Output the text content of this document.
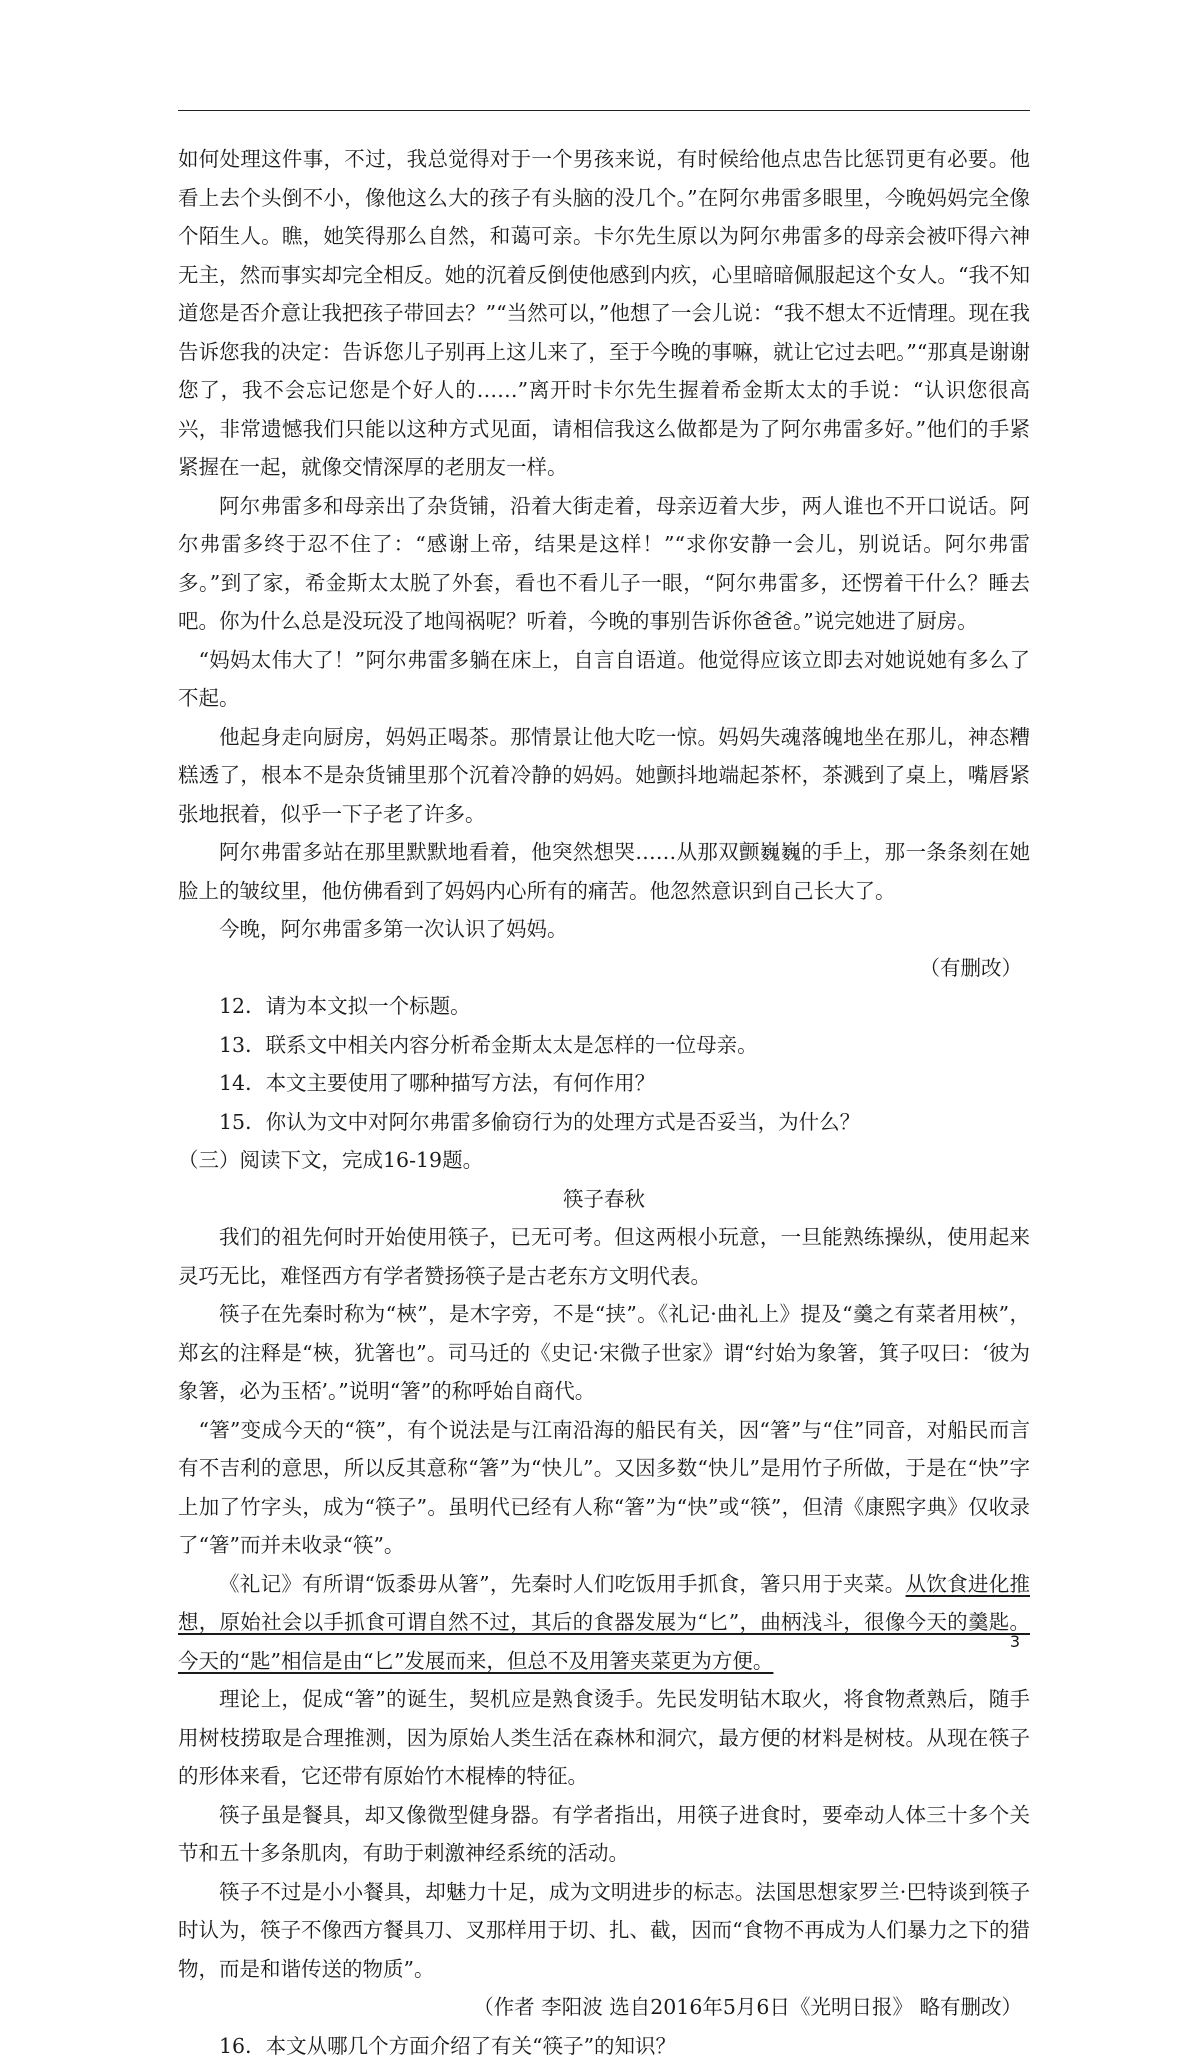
如何处理这件事，不过，我总觉得对于一个男孩来说，有时候给他点忠告比惩罚更有必要。他看上去个头倒不小，像他这么大的孩子有头脑的没几个。”在阿尔弗雷多眼里，今晚妈妈完全像个陌生人。瞧，她笑得那么自然，和蔼可亲。卡尔先生原以为阿尔弗雷多的母亲会被吓得六神无主，然而事实却完全相反。她的沉着反倒使他感到内疚，心里暗暗佩服起这个女人。“我不知道您是否介意让我把孩子带回去？”“当然可以，”他想了一会儿说：“我不想太不近情理。现在我告诉您我的决定：告诉您儿子别再上这儿来了，至于今晚的事嘛，就让它过去吧。”“那真是谢谢您了，我不会忘记您是个好人的……”离开时卡尔先生握着希金斯太太的手说：“认识您很高兴，非常遗憾我们只能以这种方式见面，请相信我这么做都是为了阿尔弗雷多好。”他们的手紧紧握在一起，就像交情深厚的老朋友一样。

阿尔弗雷多和母亲出了杂货铺，沿着大街走着，母亲迈着大步，两人谁也不开口说话。阿尔弗雷多终于忍不住了：“感谢上帝，结果是这样！”“求你安静一会儿，别说话。阿尔弗雷多。”到了家，希金斯太太脱了外套，看也不看儿子一眼，“阿尔弗雷多，还愣着干什么？睡去吧。你为什么总是没玩没了地闯祸呢？听着，今晚的事别告诉你爸爸。”说完她进了厨房。

“妈妈太伟大了！”阿尔弗雷多躺在床上，自言自语道。他觉得应该立即去对她说她有多么了不起。

他起身走向厨房，妈妈正喝茶。那情景让他大吃一惊。妈妈失魂落魄地坐在那儿，神态糟糕透了，根本不是杂货铺里那个沉着冷静的妈妈。她颤抖地端起茶杯，茶溅到了桌上，嘴唇紧张地抿着，似乎一下子老了许多。

阿尔弗雷多站在那里默默地看着，他突然想哭……从那双颤巍巍的手上，那一条条刻在她脸上的皱纹里，他仿佛看到了妈妈内心所有的痛苦。他忽然意识到自己长大了。

今晚，阿尔弗雷多第一次认识了妈妈。

（有删改）

12．请为本文拟一个标题。

13．联系文中相关内容分析希金斯太太是怎样的一位母亲。

14．本文主要使用了哪种描写方法，有何作用？

15．你认为文中对阿尔弗雷多偷窃行为的处理方式是否妥当，为什么？

（三）阅读下文，完成16-19题。

筷子春秋

我们的祖先何时开始使用筷子，已无可考。但这两根小玩意，一旦能熟练操纵，使用起来灵巧无比，难怪西方有学者赞扬筷子是古老东方文明代表。

筷子在先秦时称为“梜”，是木字旁，不是“挟”。《礼记·曲礼上》提及“羹之有菜者用梜”，郑玄的注释是“梜，犹箸也”。司马迁的《史记·宋微子世家》谓“纣始为象箸，箕子叹曰：‘彼为象箸，必为玉桮’。”说明“箸”的称呼始自商代。

“箸”变成今天的“筷”，有个说法是与江南沿海的船民有关，因“箸”与“住”同音，对船民而言有不吉利的意思，所以反其意称“箸”为“快儿”。又因多数“快儿”是用竹子所做，于是在“快”字上加了竹字头，成为“筷子”。虽明代已经有人称“箸”为“快”或“筷”，但清《康熙字典》仅收录了“箸”而并未收录“筷”。

《礼记》有所谓“饭黍毋从箸”，先秦时人们吃饭用手抓食，箸只用于夹菜。从饮食进化推想，原始社会以手抓食可谓自然不过，其后的食器发展为“匕”，曲柄浅斗，很像今天的羹匙。今天的“匙”相信是由“匕”发展而来，但总不及用箸夹菜更为方便。

理论上，促成“箸”的诞生，契机应是熟食烫手。先民发明钻木取火，将食物煮熟后，随手用树枝捞取是合理推测，因为原始人类生活在森林和洞穴，最方便的材料是树枝。从现在筷子的形体来看，它还带有原始竹木棍棒的特征。

筷子虽是餐具，却又像微型健身器。有学者指出，用筷子进食时，要牵动人体三十多个关节和五十多条肌肉，有助于刺激神经系统的活动。

筷子不过是小小餐具，却魅力十足，成为文明进步的标志。法国思想家罗兰·巴特谈到筷子时认为，筷子不像西方餐具刀、叉那样用于切、扎、截，因而“食物不再成为人们暴力之下的猎物，而是和谐传送的物质”。

（作者 李阳波 选自2016年5月6日《光明日报》 略有删改）

16．本文从哪几个方面介绍了有关“筷子”的知识？

3
